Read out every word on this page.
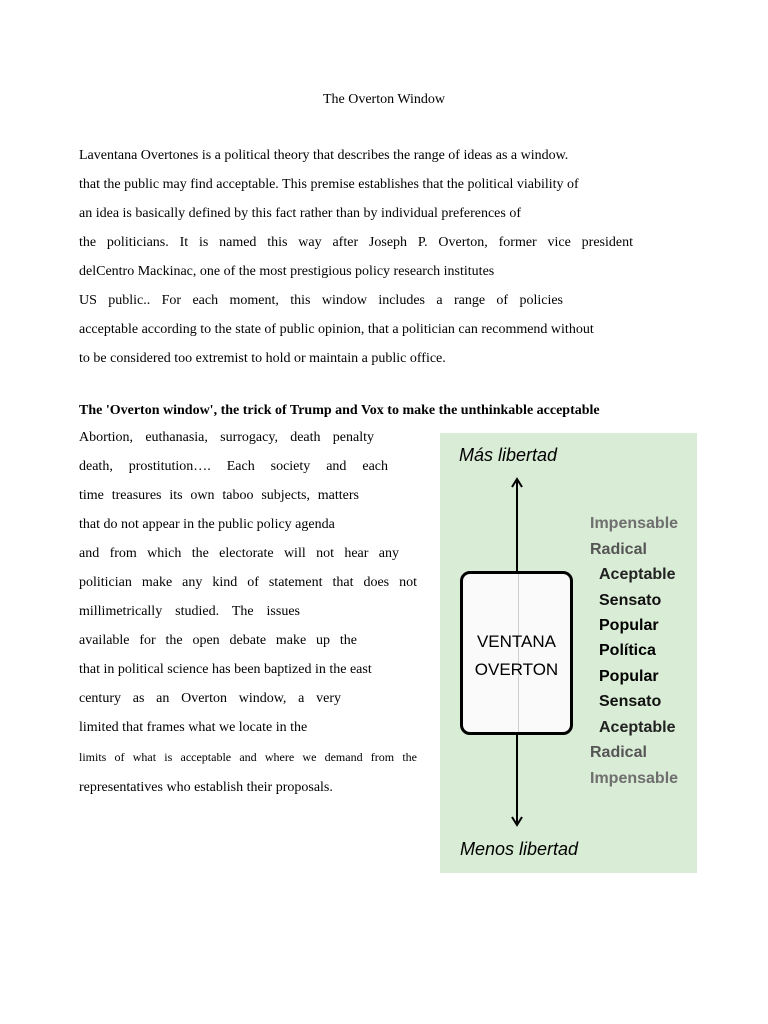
The Overton Window
Laventana Overtones is a political theory that describes the range of ideas as a window.
that the public may find acceptable. This premise establishes that the political viability of
an idea is basically defined by this fact rather than by individual preferences of
the politicians. It is named this way after Joseph P. Overton, former vice president
delCentro Mackinac, one of the most prestigious policy research institutes
US public.. For each moment, this window includes a range of policies
acceptable according to the state of public opinion, that a politician can recommend without
to be considered too extremist to hold or maintain a public office.
The 'Overton window', the trick of Trump and Vox to make the unthinkable acceptable
Abortion, euthanasia, surrogacy, death penalty
death, prostitution…. Each society and each
time treasures its own taboo subjects, matters
that do not appear in the public policy agenda
and from which the electorate will not hear any
politician make any kind of statement that does not
millimetrically studied. The issues
available for the open debate make up the
that in political science has been baptized in the east
century as an Overton window, a very
limited that frames what we locate in the
limits of what is acceptable and where we demand from the
representatives who establish their proposals.
Más libertad
VENTANA
OVERTON
Impensable
Radical
Aceptable
Sensato
Popular
Política
Popular
Sensato
Aceptable
Radical
Impensable
Menos libertad
